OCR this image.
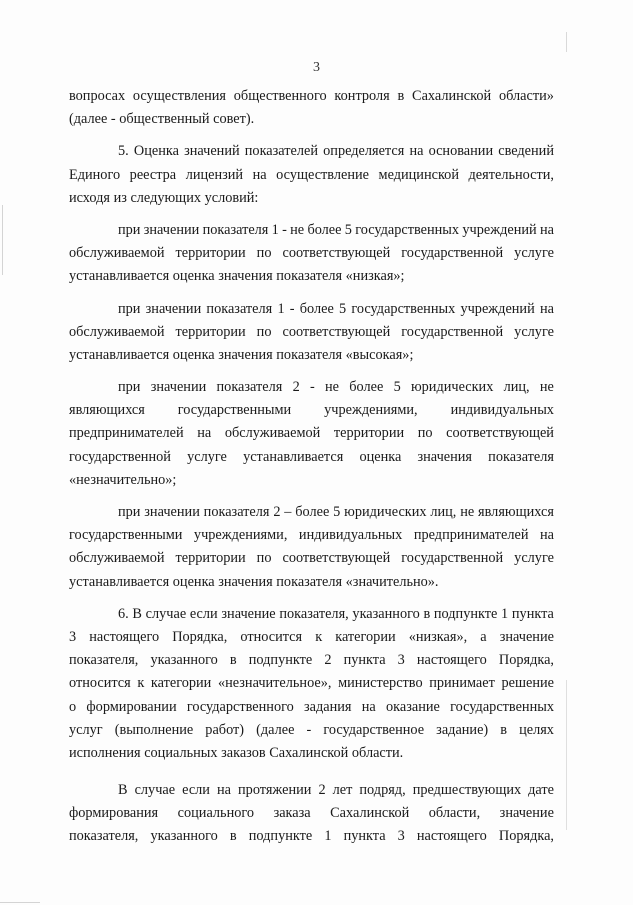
3
вопросах осуществления общественного контроля в Сахалинской области»
(далее - общественный совет).
5. Оценка значений показателей определяется на основании сведений
Единого реестра лицензий на осуществление медицинской деятельности,
исходя из следующих условий:
при значении показателя 1 - не более 5 государственных учреждений на
обслуживаемой территории по соответствующей государственной услуге
устанавливается оценка значения показателя «низкая»;
при значении показателя 1 - более 5 государственных учреждений на
обслуживаемой территории по соответствующей государственной услуге
устанавливается оценка значения показателя «высокая»;
при значении показателя 2 - не более 5 юридических лиц, не
являющихся государственными учреждениями, индивидуальных
предпринимателей на обслуживаемой территории по соответствующей
государственной услуге устанавливается оценка значения показателя
«незначительно»;
при значении показателя 2 – более 5 юридических лиц, не являющихся
государственными учреждениями, индивидуальных предпринимателей на
обслуживаемой территории по соответствующей государственной услуге
устанавливается оценка значения показателя «значительно».
6. В случае если значение показателя, указанного в подпункте 1 пункта
3 настоящего Порядка, относится к категории «низкая», а значение
показателя, указанного в подпункте 2 пункта 3 настоящего Порядка,
относится к категории «незначительное», министерство принимает решение
о формировании государственного задания на оказание государственных
услуг (выполнение работ) (далее - государственное задание) в целях
исполнения социальных заказов Сахалинской области.
В случае если на протяжении 2 лет подряд, предшествующих дате
формирования социального заказа Сахалинской области, значение
показателя, указанного в подпункте 1 пункта 3 настоящего Порядка,
